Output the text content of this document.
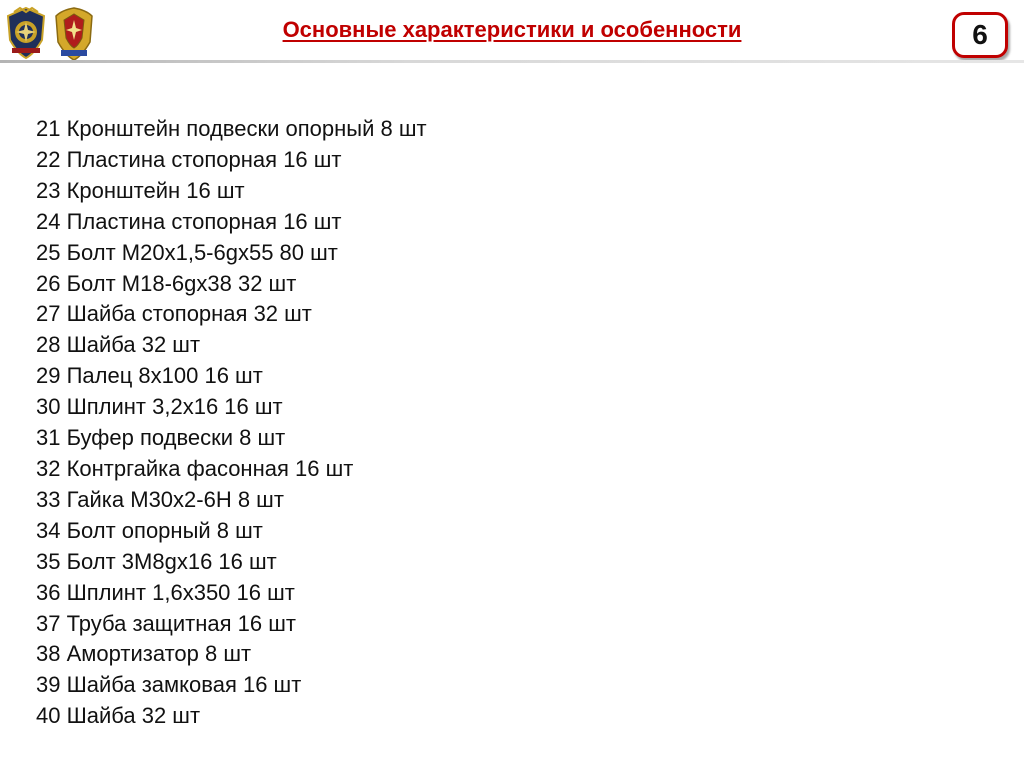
Основные характеристики и особенности	6
21 Кронштейн подвески опорный 8 шт
22 Пластина стопорная 16 шт
23 Кронштейн 16 шт
24 Пластина стопорная 16 шт
25 Болт М20х1,5-6gх55 80 шт
26 Болт М18-6gх38 32 шт
27 Шайба стопорная 32 шт
28 Шайба 32 шт
29 Палец 8х100 16 шт
30 Шплинт 3,2х16 16 шт
31 Буфер подвески 8 шт
32 Контргайка фасонная 16 шт
33 Гайка М30х2-6Н 8 шт
34 Болт опорный 8 шт
35 Болт 3М8gх16 16 шт
36 Шплинт 1,6х350 16 шт
37 Труба защитная 16 шт
38 Амортизатор 8 шт
39 Шайба замковая 16 шт
40 Шайба 32 шт
